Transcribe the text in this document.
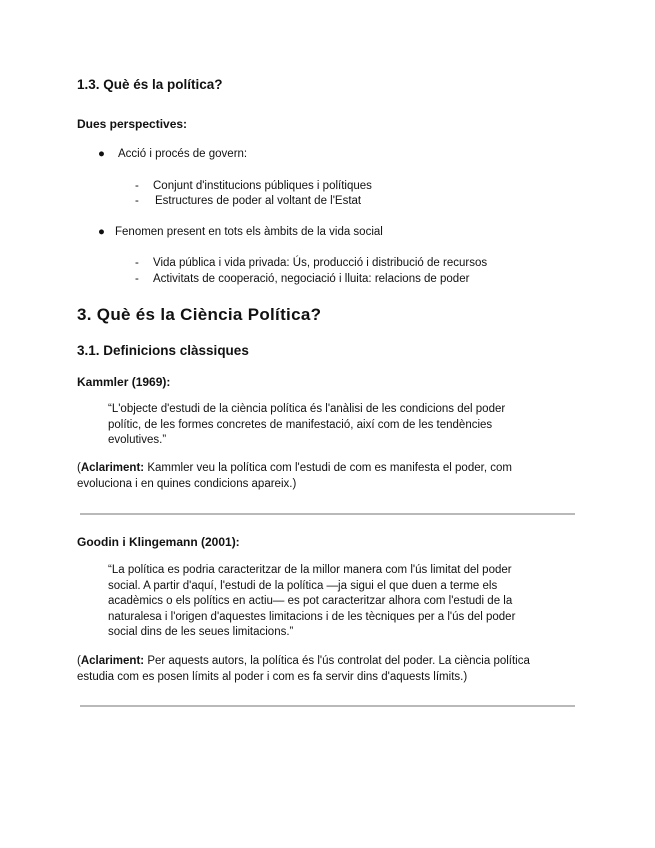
1.3. Què és la política?
Dues perspectives:
● Acció i procés de govern:
- Conjunt d'institucions públiques i polítiques
- Estructures de poder al voltant de l'Estat
● Fenomen present en tots els àmbits de la vida social
- Vida pública i vida privada: Ús, producció i distribució de recursos
- Activitats de cooperació, negociació i lluita: relacions de poder
3. Què és la Ciència Política?
3.1. Definicions clàssiques
Kammler (1969):

“L'objecte d'estudi de la ciència política és l'anàlisi de les condicions del poder polític, de les formes concretes de manifestació, així com de les tendències evolutives.”

(Aclariment: Kammler veu la política com l'estudi de com es manifesta el poder, com evoluciona i en quines condicions apareix.)

Goodin i Klingemann (2001):

“La política es podria caracteritzar de la millor manera com l'ús limitat del poder social. A partir d'aquí, l'estudi de la política —ja sigui el que duen a terme els acadèmics o els polítics en actiu— es pot caracteritzar alhora com l'estudi de la naturalesa i l'origen d'aquestes limitacions i de les tècniques per a l'ús del poder social dins de les seues limitacions.”

(Aclariment: Per aquests autors, la política és l'ús controlat del poder. La ciència política estudia com es posen límits al poder i com es fa servir dins d'aquests límits.)
